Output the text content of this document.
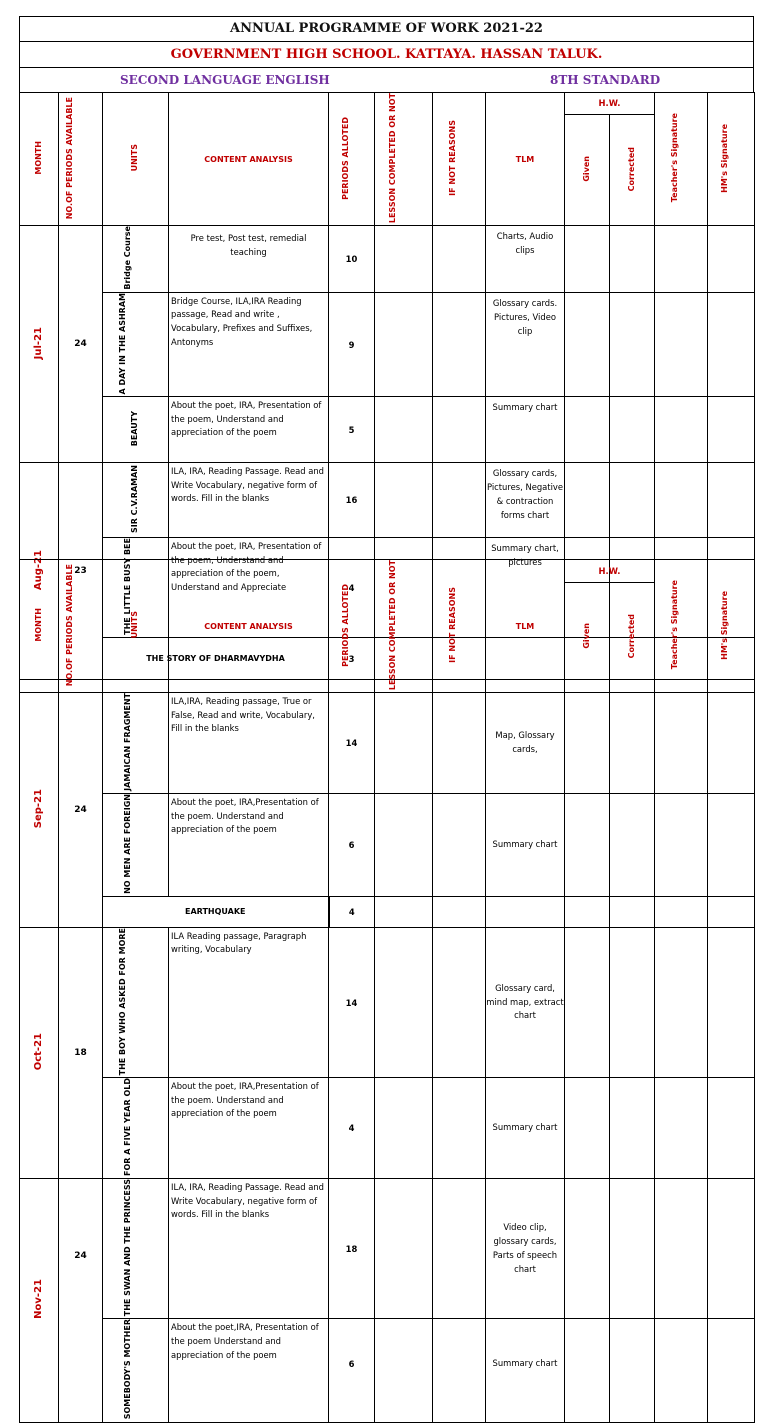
ANNUAL PROGRAMME OF WORK 2021-22
GOVERNMENT HIGH SCHOOL. KATTAYA. HASSAN TALUK.
SECOND LANGUAGE ENGLISH	8TH STANDARD
MONTH	NO.OF PERIODS AVAILABLE	UNITS	CONTENT ANALYSIS	PERIODS ALLOTED	LESSON COMPLETED OR NOT	IF NOT REASONS	TLM	H.W.		Teacher's Signature	HM's Signature
								Given	Corrected		
Jul-21	24	Bridge Course	Pre test, Post test, remedial teaching	10			Charts, Audio clips				
		A DAY IN THE ASHRAM	Bridge Course, ILA,IRA Reading passage, Read and write , Vocabulary, Prefixes and Suffixes, Antonyms	9			Glossary cards. Pictures, Video clip				
		BEAUTY	About the poet, IRA, Presentation of the poem, Understand and appreciation of the poem	5			Summary chart				
Aug-21	23	SIR C.V.RAMAN	ILA, IRA, Reading Passage. Read and Write Vocabulary, negative form of words. Fill in the blanks	16			Glossary cards, Pictures, Negative & contraction forms chart				
		THE LITTLE BUSY BEE	About the poet, IRA, Presentation of the poem, Understand and appreciation of the poem, Understand and Appreciate	4			Summary chart, pictures				
		THE STORY OF DHARMAVYDHA		3							
MONTH	NO.OF PERIODS AVAILABLE	UNITS	CONTENT ANALYSIS	PERIODS ALLOTED	LESSON COMPLETED OR NOT	IF NOT REASONS	TLM	H.W.		Teacher's Signature	HM's Signature
								Given	Corrected		
Sep-21	24	JAMAICAN FRAGMENT	ILA,IRA, Reading passage, True or False, Read and write, Vocabulary, Fill in the blanks	14			Map, Glossary cards,				
		NO MEN ARE FOREIGN	About the poet, IRA,Presentation of the poem. Understand and appreciation of the poem	6			Summary chart				
		EARTHQUAKE		4							
Oct-21	18	THE BOY WHO ASKED FOR MORE	ILA Reading passage, Paragraph writing, Vocabulary	14			Glossary card, mind map, extract chart				
		FOR A FIVE YEAR OLD	About the poet, IRA,Presentation of the poem. Understand and appreciation of the poem	4			Summary chart				
Nov-21	24	THE SWAN AND THE PRINCESS	ILA, IRA, Reading Passage. Read and Write Vocabulary, negative form of words. Fill in the blanks	18			Video clip, glossary cards, Parts of speech chart				
		SOMEBODY'S MOTHER	About the poet,IRA, Presentation of the poem Understand and appreciation of the poem	6			Summary chart				
